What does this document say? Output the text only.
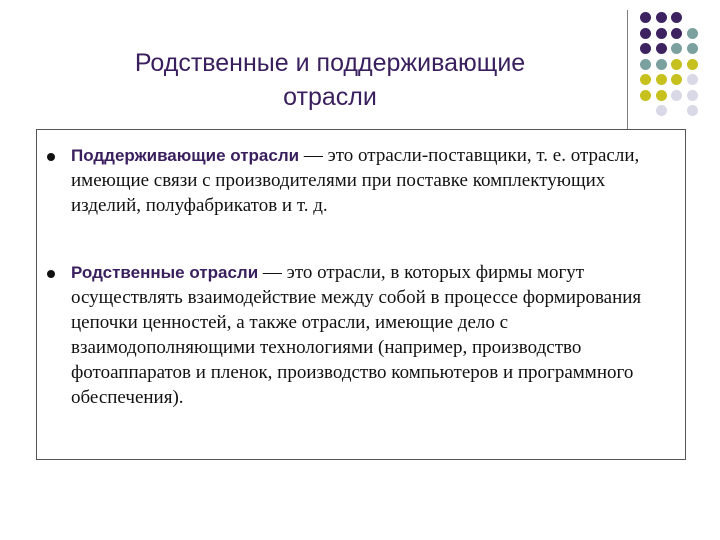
Родственные и поддерживающие
отрасли
Поддерживающие отрасли — это отрасли-поставщики, т. е. отрасли, имеющие связи с производителями при поставке комплектующих изделий, полуфабрикатов и т. д.
Родственные отрасли — это отрасли, в которых фирмы могут осуществлять взаимодействие между собой в процессе формирования цепочки ценностей, а также отрасли, имеющие дело с взаимодополняющими технологиями (например, производство фотоаппаратов и пленок, производство компьютеров и программного обеспечения).
